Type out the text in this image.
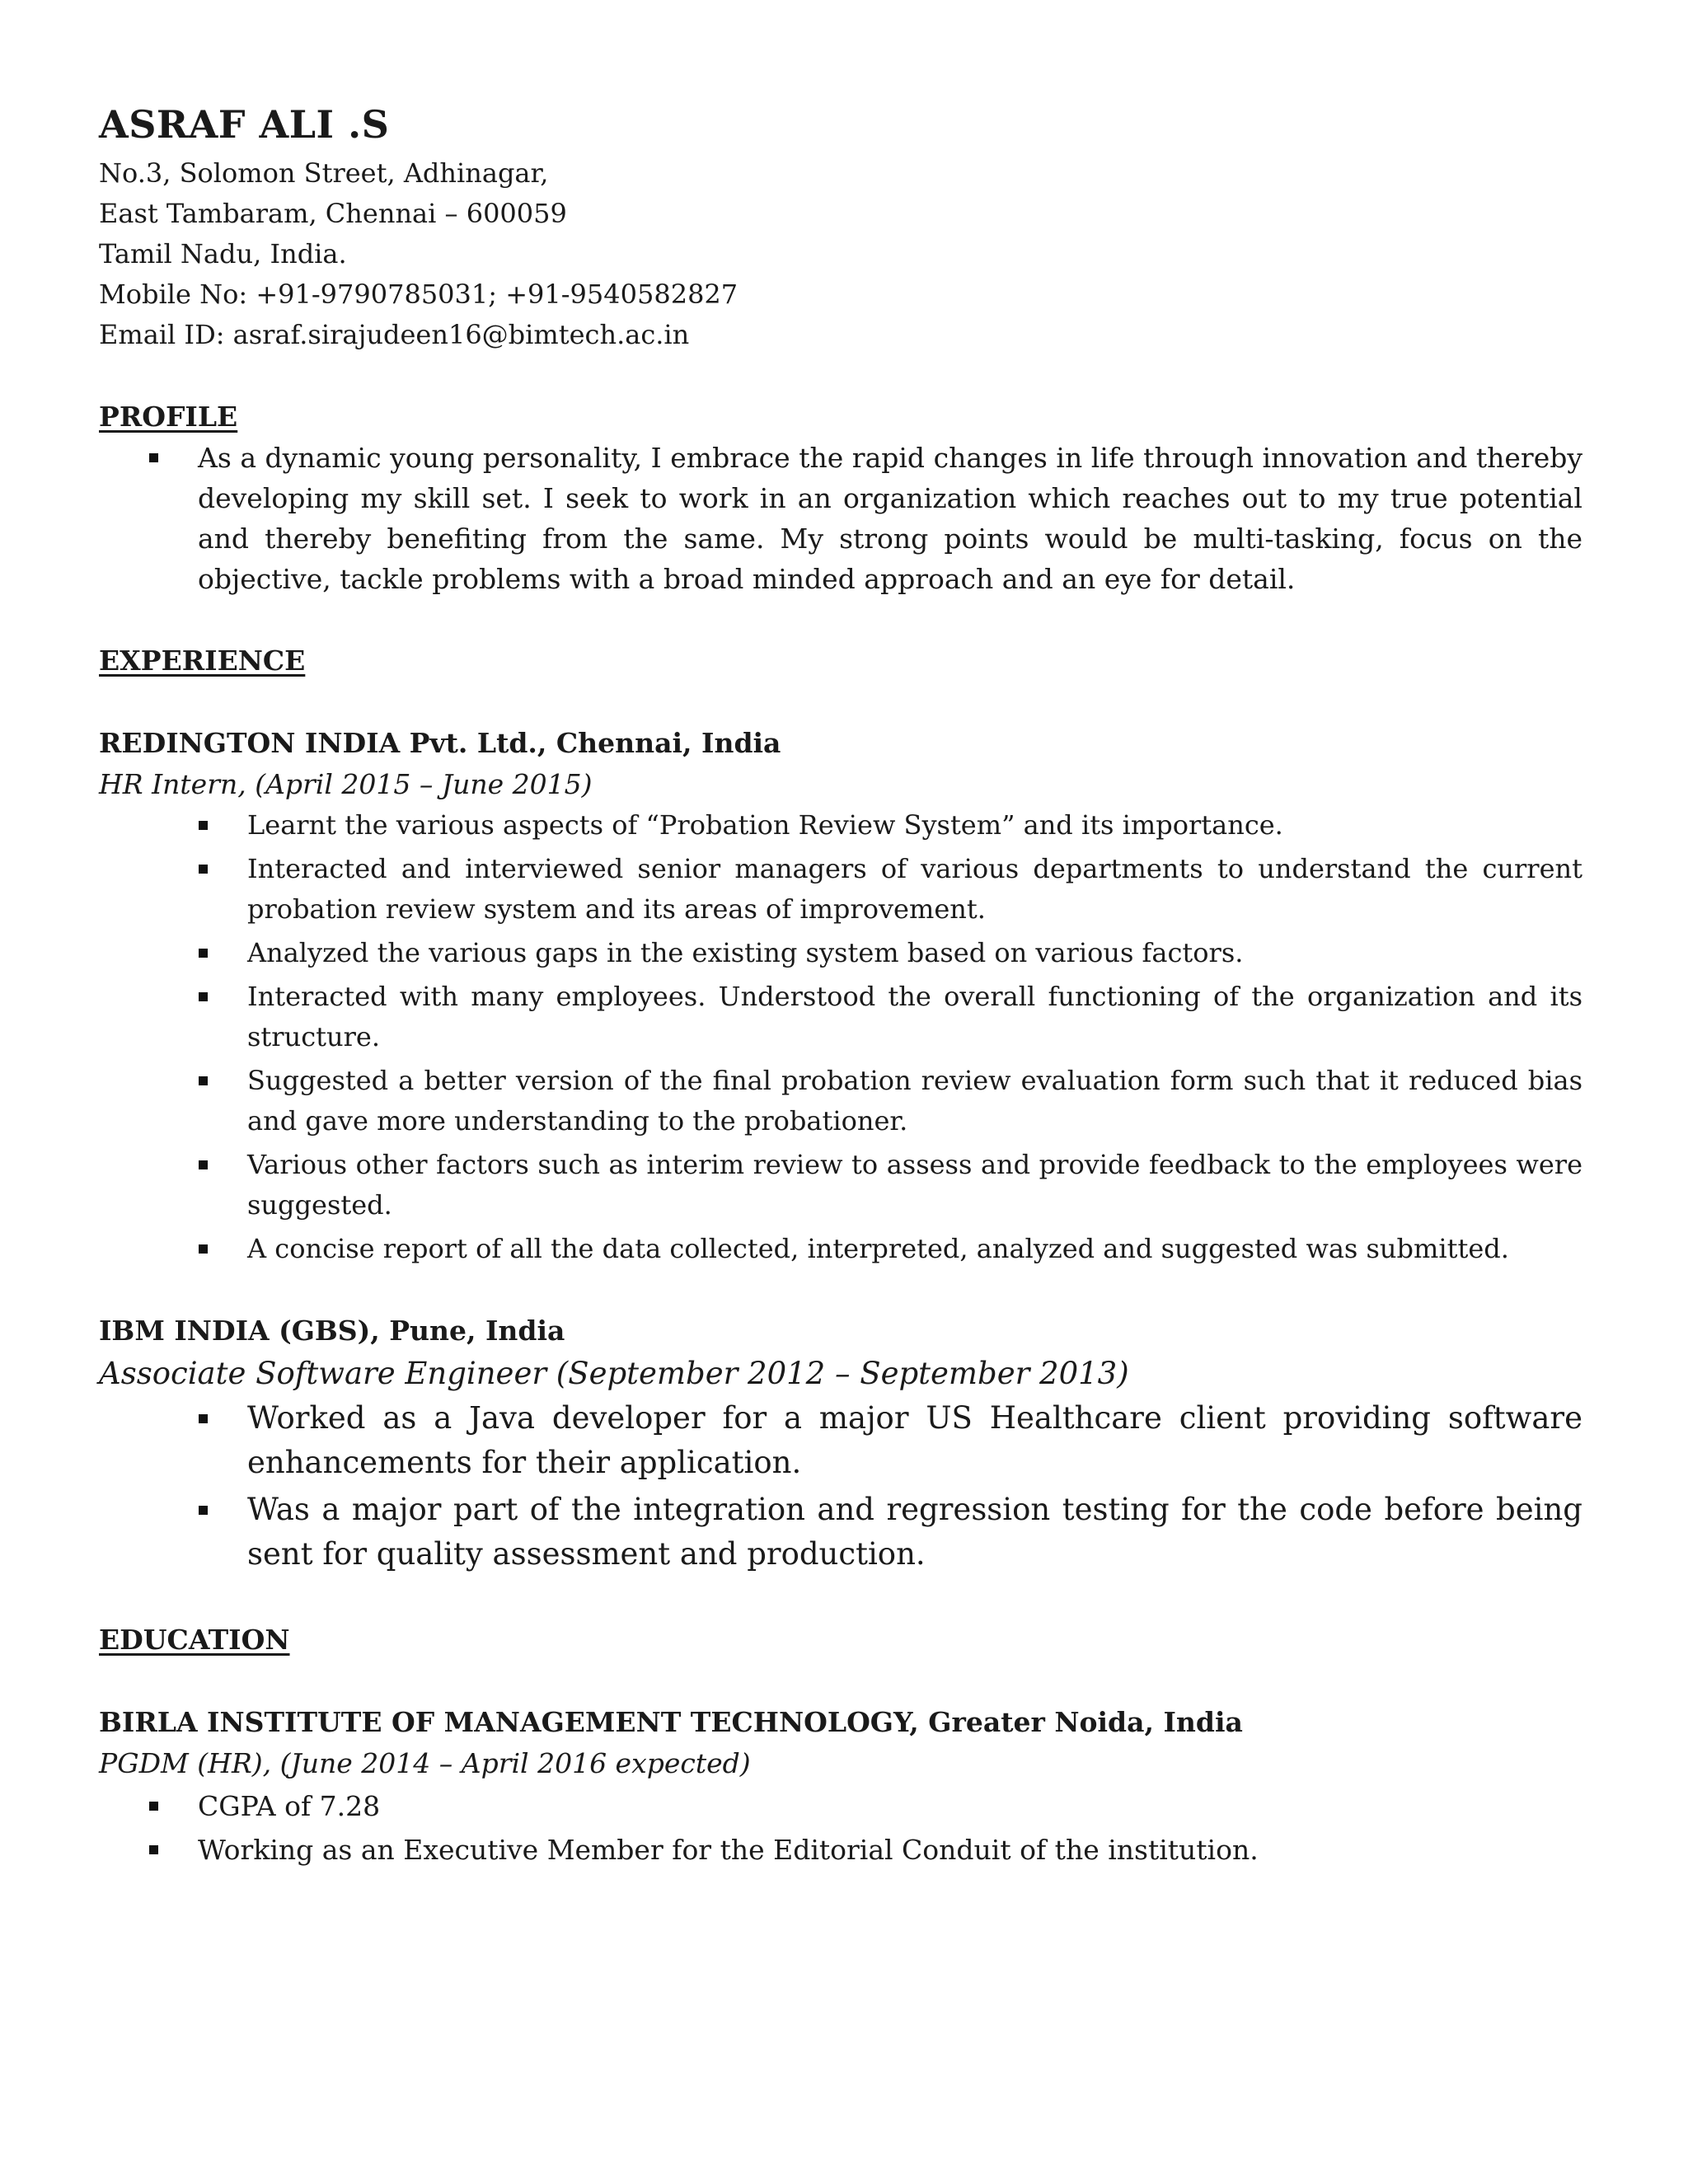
ASRAF ALI .S

No.3, Solomon Street, Adhinagar,

East Tambaram, Chennai – 600059

Tamil Nadu, India.

Mobile No: +91-9790785031; +91-9540582827

Email ID: asraf.sirajudeen16@bimtech.ac.in

PROFILE
As a dynamic young personality, I embrace the rapid changes in life through innovation and thereby developing my skill set. I seek to work in an organization which reaches out to my true potential and thereby benefiting from the same. My strong points would be multi-tasking, focus on the objective, tackle problems with a broad minded approach and an eye for detail.
EXPERIENCE

REDINGTON INDIA Pvt. Ltd., Chennai, India

HR Intern, (April 2015 – June 2015)

Learnt the various aspects of “Probation Review System” and its importance.
Interacted and interviewed senior managers of various departments to understand the current probation review system and its areas of improvement.
Analyzed the various gaps in the existing system based on various factors.
Interacted with many employees. Understood the overall functioning of the organization and its structure.
Suggested a better version of the final probation review evaluation form such that it reduced bias and gave more understanding to the probationer.
Various other factors such as interim review to assess and provide feedback to the employees were suggested.
A concise report of all the data collected, interpreted, analyzed and suggested was submitted.

IBM INDIA (GBS), Pune, India

Associate Software Engineer (September 2012 – September 2013)

Worked as a Java developer for a major US Healthcare client providing software enhancements for their application.
Was a major part of the integration and regression testing for the code before being sent for quality assessment and production.
EDUCATION

BIRLA INSTITUTE OF MANAGEMENT TECHNOLOGY, Greater Noida, India

PGDM (HR), (June 2014 – April 2016 expected)

CGPA of 7.28
Working as an Executive Member for the Editorial Conduit of the institution.
